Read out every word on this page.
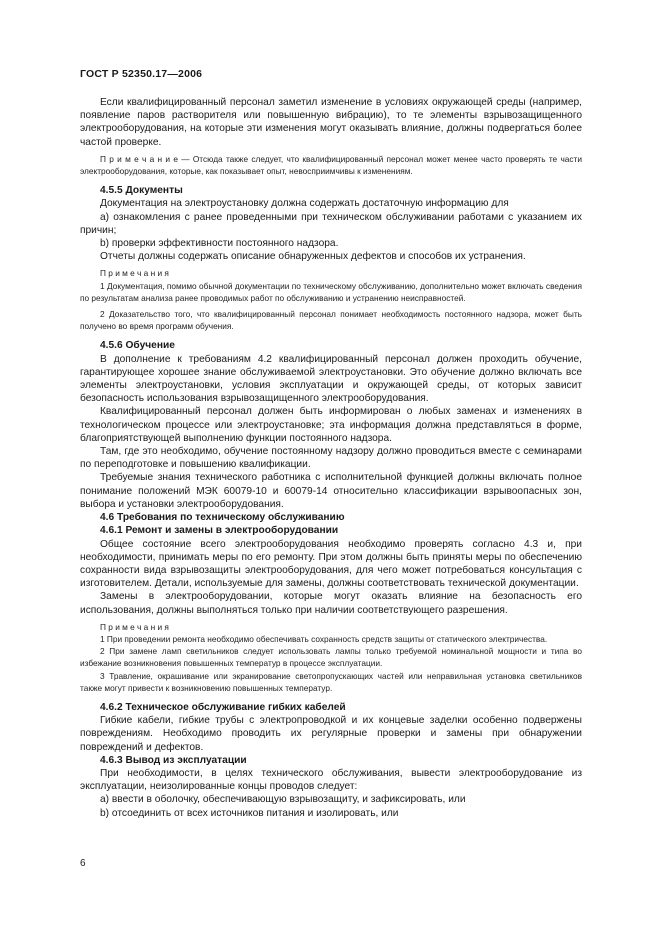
ГОСТ Р 52350.17—2006

Если квалифицированный персонал заметил изменение в условиях окружающей среды (например, появление паров растворителя или повышенную вибрацию), то те элементы взрывозащищенного электрооборудования, на которые эти изменения могут оказывать влияние, должны подвергаться более частой проверке.

П р и м е ч а н и е — Отсюда также следует, что квалифицированный персонал может менее часто проверять те части электрооборудования, которые, как показывает опыт, невосприимчивы к изменениям.

4.5.5 Документы

Документация на электроустановку должна содержать достаточную информацию для

a) ознакомления с ранее проведенными при техническом обслуживании работами с указанием их причин;

b) проверки эффективности постоянного надзора.

Отчеты должны содержать описание обнаруженных дефектов и способов их устранения.

П р и м е ч а н и я

1 Документация, помимо обычной документации по техническому обслуживанию, дополнительно может включать сведения по результатам анализа ранее проводимых работ по обслуживанию и устранению неисправностей.

2 Доказательство того, что квалифицированный персонал понимает необходимость постоянного надзора, может быть получено во время программ обучения.

4.5.6 Обучение

В дополнение к требованиям 4.2 квалифицированный персонал должен проходить обучение, гарантирующее хорошее знание обслуживаемой электроустановки. Это обучение должно включать все элементы электроустановки, условия эксплуатации и окружающей среды, от которых зависит безопасность использования взрывозащищенного электрооборудования.

Квалифицированный персонал должен быть информирован о любых заменах и изменениях в технологическом процессе или электроустановке; эта информация должна представляться в форме, благоприятствующей выполнению функции постоянного надзора.

Там, где это необходимо, обучение постоянному надзору должно проводиться вместе с семинарами по переподготовке и повышению квалификации.

Требуемые знания технического работника с исполнительной функцией должны включать полное понимание положений МЭК 60079-10 и 60079-14 относительно классификации взрывоопасных зон, выбора и установки электрооборудования.

4.6 Требования по техническому обслуживанию

4.6.1 Ремонт и замены в электрооборудовании

Общее состояние всего электрооборудования необходимо проверять согласно 4.3 и, при необходимости, принимать меры по его ремонту. При этом должны быть приняты меры по обеспечению сохранности вида взрывозащиты электрооборудования, для чего может потребоваться консультация с изготовителем. Детали, используемые для замены, должны соответствовать технической документации.

Замены в электрооборудовании, которые могут оказать влияние на безопасность его использования, должны выполняться только при наличии соответствующего разрешения.

П р и м е ч а н и я

1 При проведении ремонта необходимо обеспечивать сохранность средств защиты от статического электричества.

2 При замене ламп светильников следует использовать лампы только требуемой номинальной мощности и типа во избежание возникновения повышенных температур в процессе эксплуатации.

3 Травление, окрашивание или экранирование светопропускающих частей или неправильная установка светильников также могут привести к возникновению повышенных температур.

4.6.2 Техническое обслуживание гибких кабелей

Гибкие кабели, гибкие трубы с электропроводкой и их концевые заделки особенно подвержены повреждениям. Необходимо проводить их регулярные проверки и замены при обнаружении повреждений и дефектов.

4.6.3 Вывод из эксплуатации

При необходимости, в целях технического обслуживания, вывести электрооборудование из эксплуатации, неизолированные концы проводов следует:

a) ввести в оболочку, обеспечивающую взрывозащиту, и зафиксировать, или

b) отсоединить от всех источников питания и изолировать, или

6
